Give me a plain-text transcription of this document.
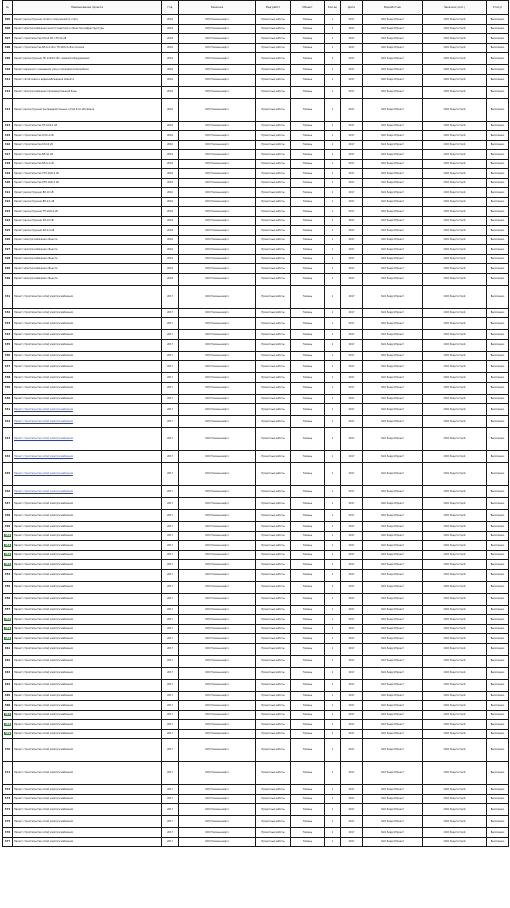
№	Наименование проекта	Год	Заказчик	Вид работ	Объект	Кол-во	Дата	Разработчик	Заказчик (исп.)	Статус
305	Проект реконструкции сетей и сооружений (1 этап)	2016	ООО Тюменьэнерго	Проектные работы	Тюмень	1	2017	ЗАО ЭнергоПроект	ООО Энергострой	Выполнено
306	Проект электроснабжения жилого квартала и объектов инфраструктуры	2016	ООО Тюменьэнерго	Проектные работы	Тюмень	1	2017	ЗАО ЭнергоПроект	ООО Энергострой	Выполнено
307	Проект строительства КЛ-10 кВ с РП-10 кВ	2016	ООО Тюменьэнерго	Проектные работы	Тюмень	1	2017	ЗАО ЭнергоПроект	ООО Энергострой	Выполнено
308	Проект строительства ВЛ-0,4 кВ и ТП-10/0,4 кВ в поселке	2016	ООО Тюменьэнерго	Проектные работы	Тюмень	1	2017	ЗАО ЭнергоПроект	ООО Энергострой	Выполнено
309	Проект реконструкции ПС 110/10 кВ с заменой оборудования	2016	ООО Тюменьэнерго	Проектные работы	Тюмень	1	2017	ЗАО ЭнергоПроект	ООО Энергострой	Выполнено
310	Проект наружного освещения улиц и проездов микрорайона	2016	ООО Тюменьэнерго	Проектные работы	Тюмень	1	2017	ЗАО ЭнергоПроект	ООО Энергострой	Выполнено
311	Проект сетей связи и видеонаблюдения объекта	2016	ООО Тюменьэнерго	Проектные работы	Тюмень	1	2017	ЗАО ЭнергоПроект	ООО Энергострой	Выполнено
312	Проект электроснабжения производственной базы	2016	ООО Тюменьэнерго	Проектные работы	Тюмень	1	2017	ЗАО ЭнергоПроект	ООО Энергострой	Выполнено
313	Проект реконструкции распределительных сетей 6-10 кВ района	2016	ООО Тюменьэнерго	Проектные работы	Тюмень	1	2017	ЗАО ЭнергоПроект	ООО Энергострой	Выполнено
314	Проект строительства ТП-10/0,4 кВ	2016	ООО Тюменьэнерго	Проектные работы	Тюмень	1	2017	ЗАО ЭнергоПроект	ООО Энергострой	Выполнено
315	Проект строительства КЛ-0,4 кВ	2016	ООО Тюменьэнерго	Проектные работы	Тюмень	1	2017	ЗАО ЭнергоПроект	ООО Энергострой	Выполнено
316	Проект строительства КЛ-10 кВ	2016	ООО Тюменьэнерго	Проектные работы	Тюмень	1	2017	ЗАО ЭнергоПроект	ООО Энергострой	Выполнено
317	Проект строительства ВЛ-10 кВ	2016	ООО Тюменьэнерго	Проектные работы	Тюмень	1	2017	ЗАО ЭнергоПроект	ООО Энергострой	Выполнено
318	Проект строительства ВЛ-0,4 кВ	2016	ООО Тюменьэнерго	Проектные работы	Тюмень	1	2017	ЗАО ЭнергоПроект	ООО Энергострой	Выполнено
319	Проект строительства СТП-10/0,4 кВ	2016	ООО Тюменьэнерго	Проектные работы	Тюмень	1	2017	ЗАО ЭнергоПроект	ООО Энергострой	Выполнено
320	Проект строительства КТП-10/0,4 кВ	2016	ООО Тюменьэнерго	Проектные работы	Тюмень	1	2017	ЗАО ЭнергоПроект	ООО Энергострой	Выполнено
321	Проект реконструкции ВЛ-10 кВ	2016	ООО Тюменьэнерго	Проектные работы	Тюмень	1	2017	ЗАО ЭнергоПроект	ООО Энергострой	Выполнено
322	Проект реконструкции ВЛ-0,4 кВ	2016	ООО Тюменьэнерго	Проектные работы	Тюмень	1	2017	ЗАО ЭнергоПроект	ООО Энергострой	Выполнено
323	Проект реконструкции ТП-10/0,4 кВ	2016	ООО Тюменьэнерго	Проектные работы	Тюмень	1	2017	ЗАО ЭнергоПроект	ООО Энергострой	Выполнено
324	Проект реконструкции КЛ-10 кВ	2016	ООО Тюменьэнерго	Проектные работы	Тюмень	1	2017	ЗАО ЭнергоПроект	ООО Энергострой	Выполнено
325	Проект реконструкции КЛ-0,4 кВ	2016	ООО Тюменьэнерго	Проектные работы	Тюмень	1	2017	ЗАО ЭнергоПроект	ООО Энергострой	Выполнено
326	Проект электроснабжения объекта	2016	ООО Тюменьэнерго	Проектные работы	Тюмень	1	2017	ЗАО ЭнергоПроект	ООО Энергострой	Выполнено
327	Проект электроснабжения объекта	2016	ООО Тюменьэнерго	Проектные работы	Тюмень	1	2017	ЗАО ЭнергоПроект	ООО Энергострой	Выполнено
328	Проект электроснабжения объекта	2016	ООО Тюменьэнерго	Проектные работы	Тюмень	1	2017	ЗАО ЭнергоПроект	ООО Энергострой	Выполнено
329	Проект электроснабжения объекта	2016	ООО Тюменьэнерго	Проектные работы	Тюмень	1	2017	ЗАО ЭнергоПроект	ООО Энергострой	Выполнено
330	Проект электроснабжения объекта	2016	ООО Тюменьэнерго	Проектные работы	Тюмень	1	2017	ЗАО ЭнергоПроект	ООО Энергострой	Выполнено
331	Проект строительства сетей электроснабжения	2017	ООО Тюменьэнерго	Проектные работы	Тюмень	1	2017	ЗАО ЭнергоПроект	ООО Энергострой	Выполнено
332	Проект строительства сетей электроснабжения	2017	ООО Тюменьэнерго	Проектные работы	Тюмень	1	2017	ЗАО ЭнергоПроект	ООО Энергострой	Выполнено
333	Проект строительства сетей электроснабжения	2017	ООО Тюменьэнерго	Проектные работы	Тюмень	1	2017	ЗАО ЭнергоПроект	ООО Энергострой	Выполнено
334	Проект строительства сетей электроснабжения	2017	ООО Тюменьэнерго	Проектные работы	Тюмень	1	2017	ЗАО ЭнергоПроект	ООО Энергострой	Выполнено
335	Проект строительства сетей электроснабжения	2017	ООО Тюменьэнерго	Проектные работы	Тюмень	1	2017	ЗАО ЭнергоПроект	ООО Энергострой	Выполнено
336	Проект строительства сетей электроснабжения	2017	ООО Тюменьэнерго	Проектные работы	Тюмень	1	2017	ЗАО ЭнергоПроект	ООО Энергострой	Выполнено
337	Проект строительства сетей электроснабжения	2017	ООО Тюменьэнерго	Проектные работы	Тюмень	1	2017	ЗАО ЭнергоПроект	ООО Энергострой	Выполнено
338	Проект строительства сетей электроснабжения	2017	ООО Тюменьэнерго	Проектные работы	Тюмень	1	2017	ЗАО ЭнергоПроект	ООО Энергострой	Выполнено
339	Проект строительства сетей электроснабжения	2017	ООО Тюменьэнерго	Проектные работы	Тюмень	1	2017	ЗАО ЭнергоПроект	ООО Энергострой	Выполнено
340	Проект строительства сетей электроснабжения	2017	ООО Тюменьэнерго	Проектные работы	Тюмень	1	2017	ЗАО ЭнергоПроект	ООО Энергострой	Выполнено
341	Проект строительства сетей электроснабжения	2017	ООО Тюменьэнерго	Проектные работы	Тюмень	1	2017	ЗАО ЭнергоПроект	ООО Энергострой	Выполнено
342	Проект строительства сетей электроснабжения	2017	ООО Тюменьэнерго	Проектные работы	Тюмень	1	2017	ЗАО ЭнергоПроект	ООО Энергострой	Выполнено
343	Проект строительства сетей электроснабжения	2017	ООО Тюменьэнерго	Проектные работы	Тюмень	1	2017	ЗАО ЭнергоПроект	ООО Энергострой	Выполнено
344	Проект строительства сетей электроснабжения	2017	ООО Тюменьэнерго	Проектные работы	Тюмень	1	2017	ЗАО ЭнергоПроект	ООО Энергострой	Выполнено
345	Проект строительства сетей электроснабжения	2017	ООО Тюменьэнерго	Проектные работы	Тюмень	1	2017	ЗАО ЭнергоПроект	ООО Энергострой	Выполнено
346	Проект строительства сетей электроснабжения	2017	ООО Тюменьэнерго	Проектные работы	Тюмень	1	2017	ЗАО ЭнергоПроект	ООО Энергострой	Выполнено
347	Проект строительства сетей электроснабжения	2017	ООО Тюменьэнерго	Проектные работы	Тюмень	1	2017	ЗАО ЭнергоПроект	ООО Энергострой	Выполнено
348	Проект строительства сетей электроснабжения	2017	ООО Тюменьэнерго	Проектные работы	Тюмень	1	2017	ЗАО ЭнергоПроект	ООО Энергострой	Выполнено
349	Проект строительства сетей электроснабжения	2017	ООО Тюменьэнерго	Проектные работы	Тюмень	1	2017	ЗАО ЭнергоПроект	ООО Энергострой	Выполнено
350	Проект строительства сетей электроснабжения	2017	ООО Тюменьэнерго	Проектные работы	Тюмень	1	2017	ЗАО ЭнергоПроект	ООО Энергострой	Выполнено
351	Проект строительства сетей электроснабжения	2017	ООО Тюменьэнерго	Проектные работы	Тюмень	1	2017	ЗАО ЭнергоПроект	ООО Энергострой	Выполнено
352	Проект строительства сетей электроснабжения	2017	ООО Тюменьэнерго	Проектные работы	Тюмень	1	2017	ЗАО ЭнергоПроект	ООО Энергострой	Выполнено
353	Проект строительства сетей электроснабжения	2017	ООО Тюменьэнерго	Проектные работы	Тюмень	1	2017	ЗАО ЭнергоПроект	ООО Энергострой	Выполнено
354	Проект строительства сетей электроснабжения	2017	ООО Тюменьэнерго	Проектные работы	Тюмень	1	2017	ЗАО ЭнергоПроект	ООО Энергострой	Выполнено
355	Проект строительства сетей электроснабжения	2017	ООО Тюменьэнерго	Проектные работы	Тюмень	1	2017	ЗАО ЭнергоПроект	ООО Энергострой	Выполнено
356	Проект строительства сетей электроснабжения	2017	ООО Тюменьэнерго	Проектные работы	Тюмень	1	2017	ЗАО ЭнергоПроект	ООО Энергострой	Выполнено
357	Проект строительства сетей электроснабжения	2017	ООО Тюменьэнерго	Проектные работы	Тюмень	1	2017	ЗАО ЭнергоПроект	ООО Энергострой	Выполнено
358	Проект строительства сетей электроснабжения	2017	ООО Тюменьэнерго	Проектные работы	Тюмень	1	2017	ЗАО ЭнергоПроект	ООО Энергострой	Выполнено
359	Проект строительства сетей электроснабжения	2017	ООО Тюменьэнерго	Проектные работы	Тюмень	1	2017	ЗАО ЭнергоПроект	ООО Энергострой	Выполнено
360	Проект строительства сетей электроснабжения	2017	ООО Тюменьэнерго	Проектные работы	Тюмень	1	2017	ЗАО ЭнергоПроект	ООО Энергострой	Выполнено
361	Проект строительства сетей электроснабжения	2017	ООО Тюменьэнерго	Проектные работы	Тюмень	1	2017	ЗАО ЭнергоПроект	ООО Энергострой	Выполнено
362	Проект строительства сетей электроснабжения	2017	ООО Тюменьэнерго	Проектные работы	Тюмень	1	2017	ЗАО ЭнергоПроект	ООО Энергострой	Выполнено
363	Проект строительства сетей электроснабжения	2017	ООО Тюменьэнерго	Проектные работы	Тюмень	1	2017	ЗАО ЭнергоПроект	ООО Энергострой	Выполнено
364	Проект строительства сетей электроснабжения	2017	ООО Тюменьэнерго	Проектные работы	Тюмень	1	2017	ЗАО ЭнергоПроект	ООО Энергострой	Выполнено
365	Проект строительства сетей электроснабжения	2017	ООО Тюменьэнерго	Проектные работы	Тюмень	1	2017	ЗАО ЭнергоПроект	ООО Энергострой	Выполнено
366	Проект строительства сетей электроснабжения	2017	ООО Тюменьэнерго	Проектные работы	Тюмень	1	2017	ЗАО ЭнергоПроект	ООО Энергострой	Выполнено
367	Проект строительства сетей электроснабжения	2017	ООО Тюменьэнерго	Проектные работы	Тюмень	1	2017	ЗАО ЭнергоПроект	ООО Энергострой	Выполнено
368	Проект строительства сетей электроснабжения	2017	ООО Тюменьэнерго	Проектные работы	Тюмень	1	2017	ЗАО ЭнергоПроект	ООО Энергострой	Выполнено
369	Проект строительства сетей электроснабжения	2017	ООО Тюменьэнерго	Проектные работы	Тюмень	1	2017	ЗАО ЭнергоПроект	ООО Энергострой	Выполнено
370	Проект строительства сетей электроснабжения	2017	ООО Тюменьэнерго	Проектные работы	Тюмень	1	2017	ЗАО ЭнергоПроект	ООО Энергострой	Выполнено
371	Проект строительства сетей электроснабжения	2017	ООО Тюменьэнерго	Проектные работы	Тюмень	1	2017	ЗАО ЭнергоПроект	ООО Энергострой	Выполнено
372	Проект строительства сетей электроснабжения	2017	ООО Тюменьэнерго	Проектные работы	Тюмень	1	2017	ЗАО ЭнергоПроект	ООО Энергострой	Выполнено
373	Проект строительства сетей электроснабжения	2017	ООО Тюменьэнерго	Проектные работы	Тюмень	1	2017	ЗАО ЭнергоПроект	ООО Энергострой	Выполнено
374	Проект строительства сетей электроснабжения	2017	ООО Тюменьэнерго	Проектные работы	Тюмень	1	2017	ЗАО ЭнергоПроект	ООО Энергострой	Выполнено
375	Проект строительства сетей электроснабжения	2017	ООО Тюменьэнерго	Проектные работы	Тюмень	1	2017	ЗАО ЭнергоПроект	ООО Энергострой	Выполнено
376	Проект строительства сетей электроснабжения	2017	ООО Тюменьэнерго	Проектные работы	Тюмень	1	2017	ЗАО ЭнергоПроект	ООО Энергострой	Выполнено
377	Проект строительства сетей электроснабжения	2017	ООО Тюменьэнерго	Проектные работы	Тюмень	1	2017	ЗАО ЭнергоПроект	ООО Энергострой	Выполнено
